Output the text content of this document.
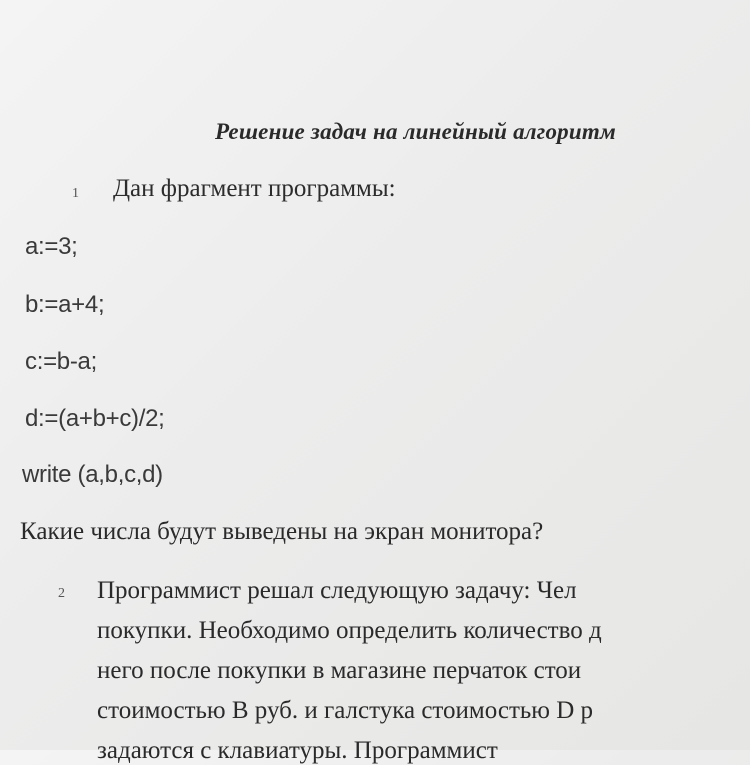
Решение задач на линейный алгоритм
1 Дан фрагмент программы:
a:=3;
b:=a+4;
c:=b-a;
d:=(a+b+c)/2;
write (a,b,c,d)
Какие числа будут выведены на экран монитора?
2 Программист решал следующую задачу: Чел
покупки. Необходимо определить количество д
него после покупки в магазине перчаток стои
стоимостью В руб. и галстука стоимостью D р
задаются с клавиатуры. Программист
